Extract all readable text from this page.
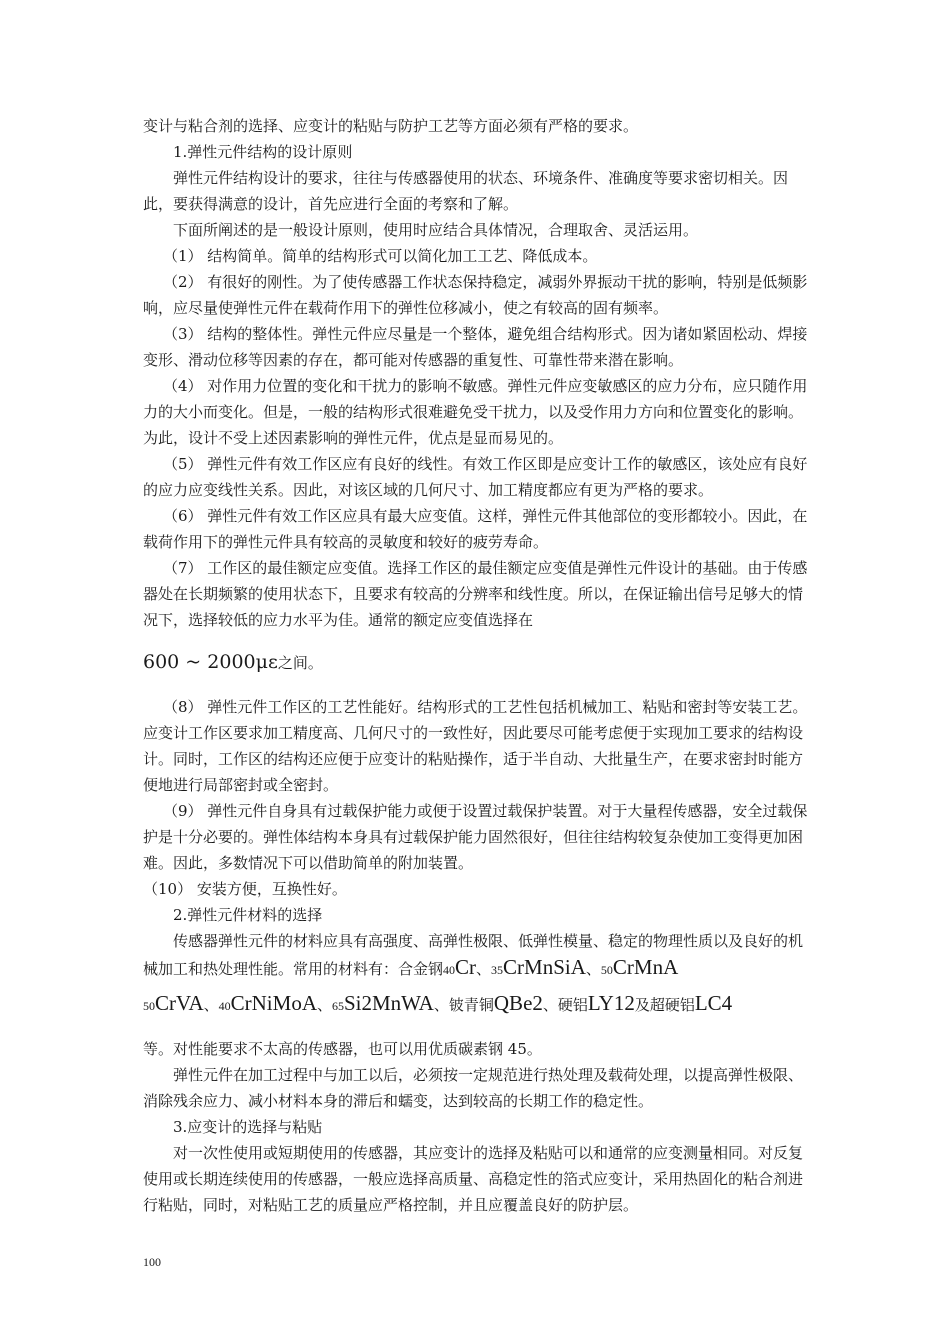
变计与粘合剂的选择、应变计的粘贴与防护工艺等方面必须有严格的要求。

1.弹性元件结构的设计原则

弹性元件结构设计的要求，往往与传感器使用的状态、环境条件、准确度等要求密切相关。因此，要获得满意的设计，首先应进行全面的考察和了解。

下面所阐述的是一般设计原则，使用时应结合具体情况，合理取舍、灵活运用。

（1） 结构简单。简单的结构形式可以简化加工工艺、降低成本。

（2） 有很好的刚性。为了使传感器工作状态保持稳定，减弱外界振动干扰的影响，特别是低频影响，应尽量使弹性元件在载荷作用下的弹性位移减小，使之有较高的固有频率。

（3） 结构的整体性。弹性元件应尽量是一个整体，避免组合结构形式。因为诸如紧固松动、焊接变形、滑动位移等因素的存在，都可能对传感器的重复性、可靠性带来潜在影响。

（4） 对作用力位置的变化和干扰力的影响不敏感。弹性元件应变敏感区的应力分布，应只随作用力的大小而变化。但是，一般的结构形式很难避免受干扰力，以及受作用力方向和位置变化的影响。为此，设计不受上述因素影响的弹性元件，优点是显而易见的。

（5） 弹性元件有效工作区应有良好的线性。有效工作区即是应变计工作的敏感区，该处应有良好的应力应变线性关系。因此，对该区域的几何尺寸、加工精度都应有更为严格的要求。

（6） 弹性元件有效工作区应具有最大应变值。这样，弹性元件其他部位的变形都较小。因此，在载荷作用下的弹性元件具有较高的灵敏度和较好的疲劳寿命。

（7） 工作区的最佳额定应变值。选择工作区的最佳额定应变值是弹性元件设计的基础。由于传感器处在长期频繁的使用状态下，且要求有较高的分辨率和线性度。所以，在保证输出信号足够大的情况下，选择较低的应力水平为佳。通常的额定应变值选择在

600 ~ 2000με之间。

（8） 弹性元件工作区的工艺性能好。结构形式的工艺性包括机械加工、粘贴和密封等安装工艺。应变计工作区要求加工精度高、几何尺寸的一致性好，因此要尽可能考虑便于实现加工要求的结构设计。同时，工作区的结构还应便于应变计的粘贴操作，适于半自动、大批量生产，在要求密封时能方便地进行局部密封或全密封。

（9） 弹性元件自身具有过载保护能力或便于设置过载保护装置。对于大量程传感器，安全过载保护是十分必要的。弹性体结构本身具有过载保护能力固然很好，但往往结构较复杂使加工变得更加困难。因此，多数情况下可以借助简单的附加装置。

（10） 安装方便，互换性好。

2.弹性元件材料的选择

传感器弹性元件的材料应具有高强度、高弹性极限、低弹性模量、稳定的物理性质以及良好的机械加工和热处理性能。常用的材料有：合金钢40Cr、35CrMnSiA、50CrMnA

50CrVA、40CrNiMoA、65Si2MnWA、铍青铜QBe2、硬铝LY12及超硬铝LC4

等。对性能要求不太高的传感器，也可以用优质碳素钢 45。

弹性元件在加工过程中与加工以后，必须按一定规范进行热处理及载荷处理，以提高弹性极限、消除残余应力、减小材料本身的滞后和蠕变，达到较高的长期工作的稳定性。

3.应变计的选择与粘贴

对一次性使用或短期使用的传感器，其应变计的选择及粘贴可以和通常的应变测量相同。对反复使用或长期连续使用的传感器，一般应选择高质量、高稳定性的箔式应变计，采用热固化的粘合剂进行粘贴，同时，对粘贴工艺的质量应严格控制，并且应覆盖良好的防护层。

100
